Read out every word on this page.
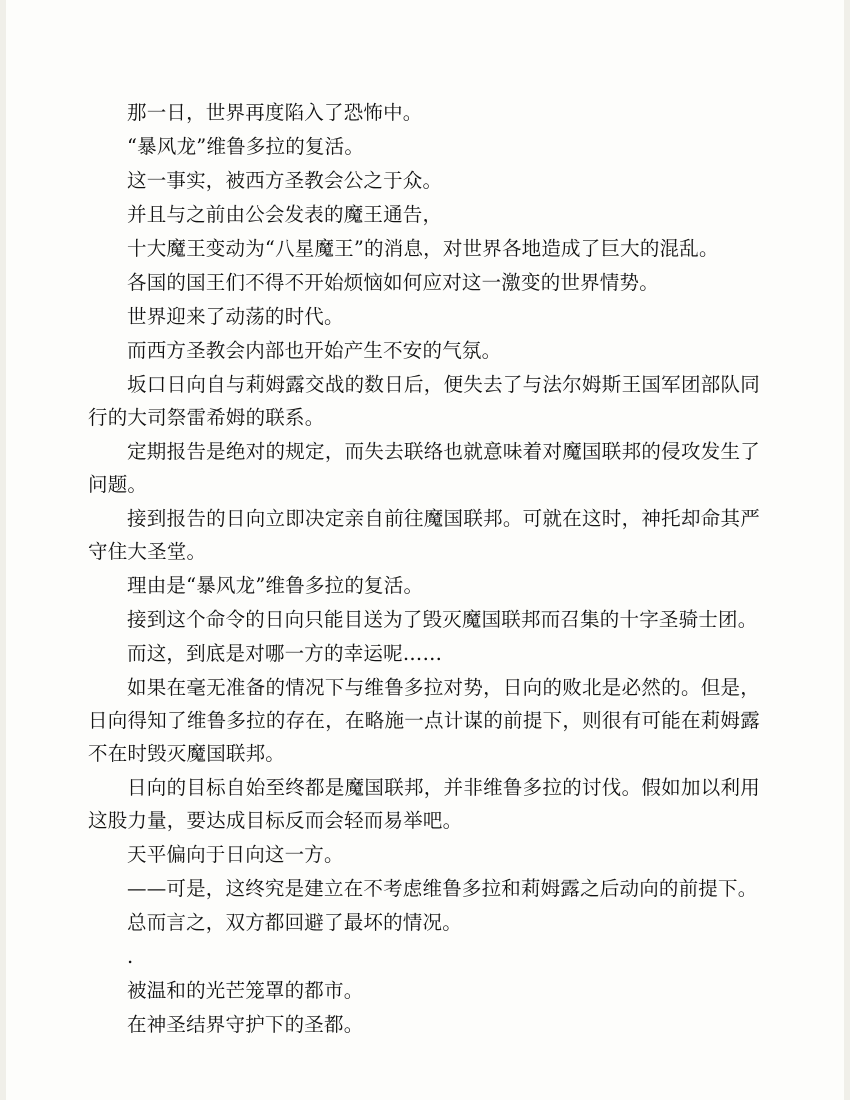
那一日，世界再度陷入了恐怖中。

“暴风龙”维鲁多拉的复活。

这一事实，被西方圣教会公之于众。

并且与之前由公会发表的魔王通告，

十大魔王变动为“八星魔王”的消息，对世界各地造成了巨大的混乱。

各国的国王们不得不开始烦恼如何应对这一激变的世界情势。

世界迎来了动荡的时代。

而西方圣教会内部也开始产生不安的气氛。

坂口日向自与莉姆露交战的数日后，便失去了与法尔姆斯王国军团部队同行的大司祭雷希姆的联系。

定期报告是绝对的规定，而失去联络也就意味着对魔国联邦的侵攻发生了问题。

接到报告的日向立即决定亲自前往魔国联邦。可就在这时，神托却命其严守住大圣堂。

理由是“暴风龙”维鲁多拉的复活。

接到这个命令的日向只能目送为了毁灭魔国联邦而召集的十字圣骑士团。

而这，到底是对哪一方的幸运呢……

如果在毫无准备的情况下与维鲁多拉对势，日向的败北是必然的。但是，日向得知了维鲁多拉的存在，在略施一点计谋的前提下，则很有可能在莉姆露不在时毁灭魔国联邦。

日向的目标自始至终都是魔国联邦，并非维鲁多拉的讨伐。假如加以利用这股力量，要达成目标反而会轻而易举吧。

天平偏向于日向这一方。

——可是，这终究是建立在不考虑维鲁多拉和莉姆露之后动向的前提下。

总而言之，双方都回避了最坏的情况。

.

被温和的光芒笼罩的都市。

在神圣结界守护下的圣都。
